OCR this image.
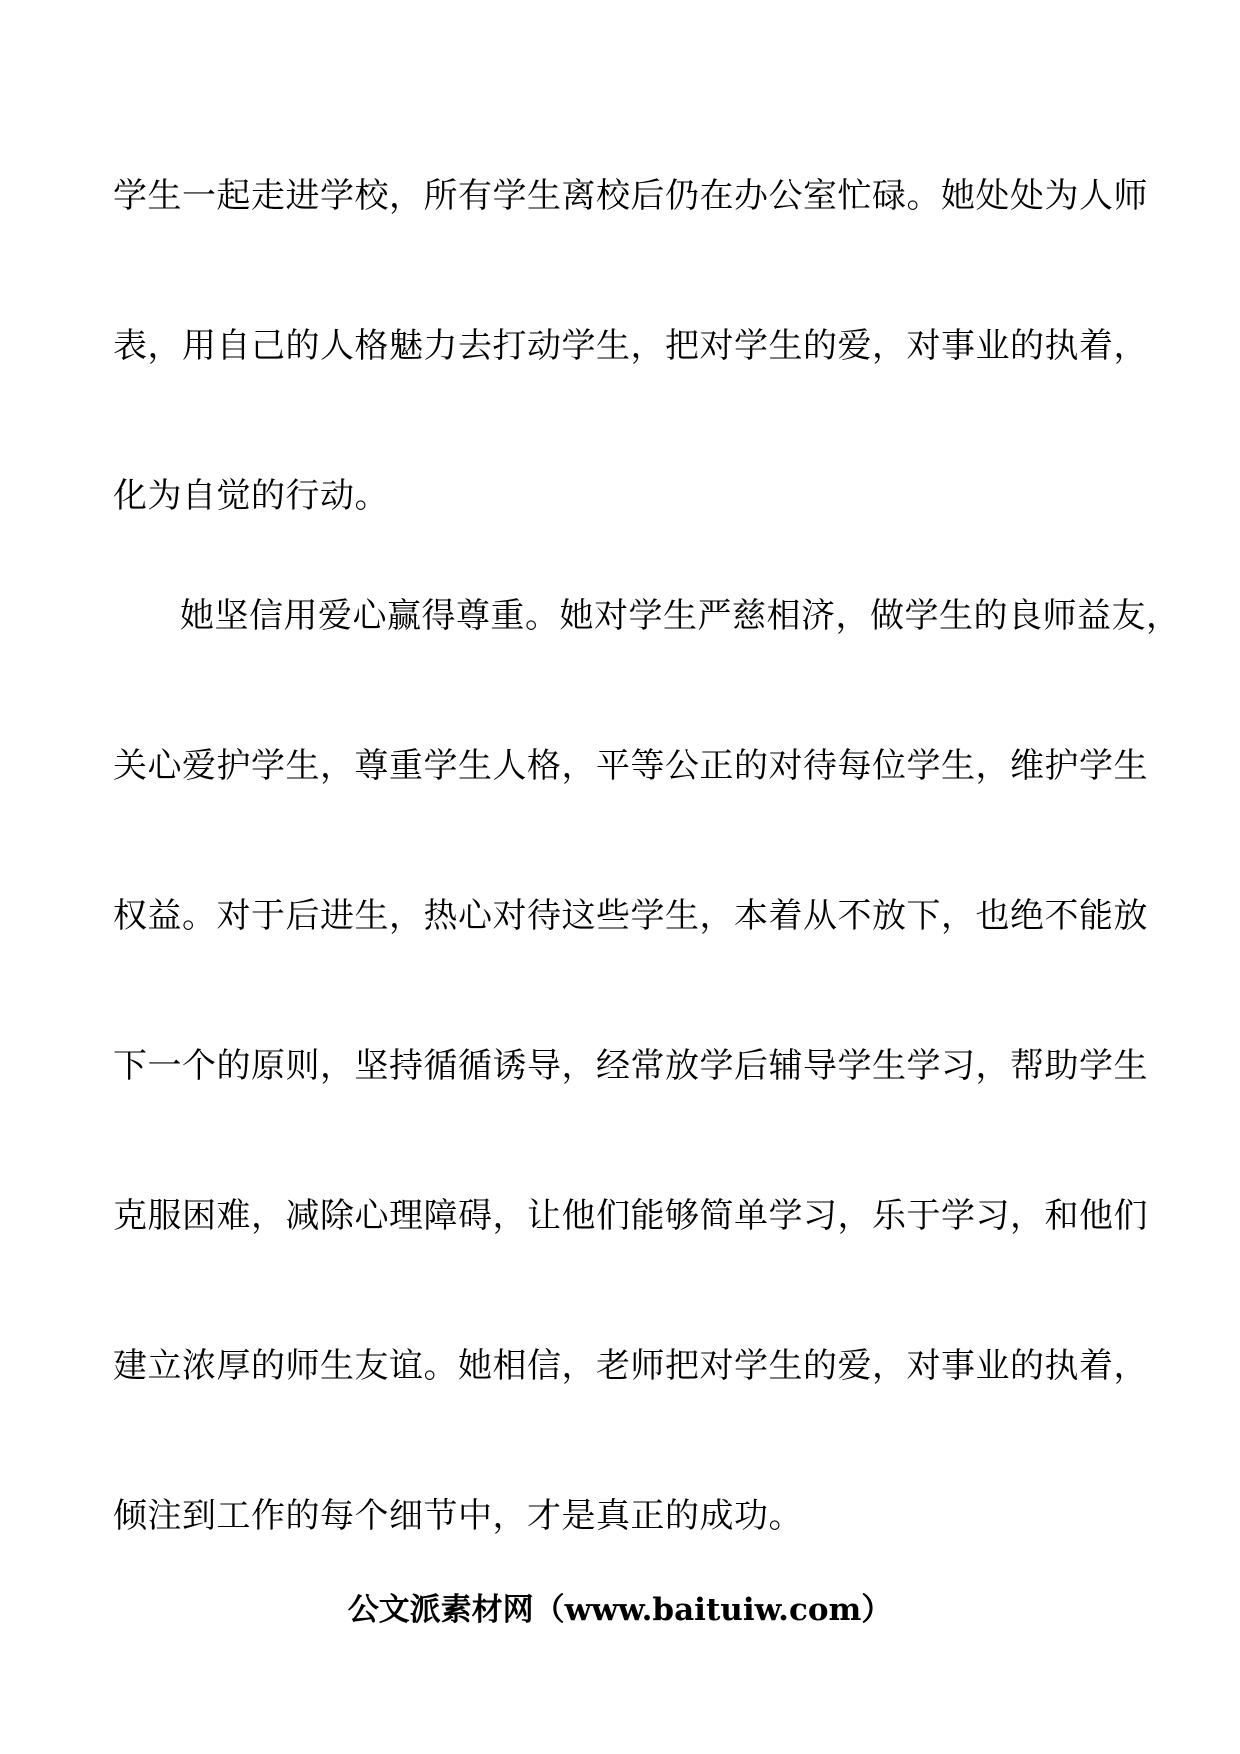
学生一起走进学校，所有学生离校后仍在办公室忙碌。她处处为人师
表，用自己的人格魅力去打动学生，把对学生的爱，对事业的执着，
化为自觉的行动。
她坚信用爱心赢得尊重。她对学生严慈相济，做学生的良师益友，
关心爱护学生，尊重学生人格，平等公正的对待每位学生，维护学生
权益。对于后进生，热心对待这些学生，本着从不放下，也绝不能放
下一个的原则，坚持循循诱导，经常放学后辅导学生学习，帮助学生
克服困难，减除心理障碍，让他们能够简单学习，乐于学习，和他们
建立浓厚的师生友谊。她相信，老师把对学生的爱，对事业的执着，
倾注到工作的每个细节中，才是真正的成功。
公文派素材网（www.baituiw.com）
